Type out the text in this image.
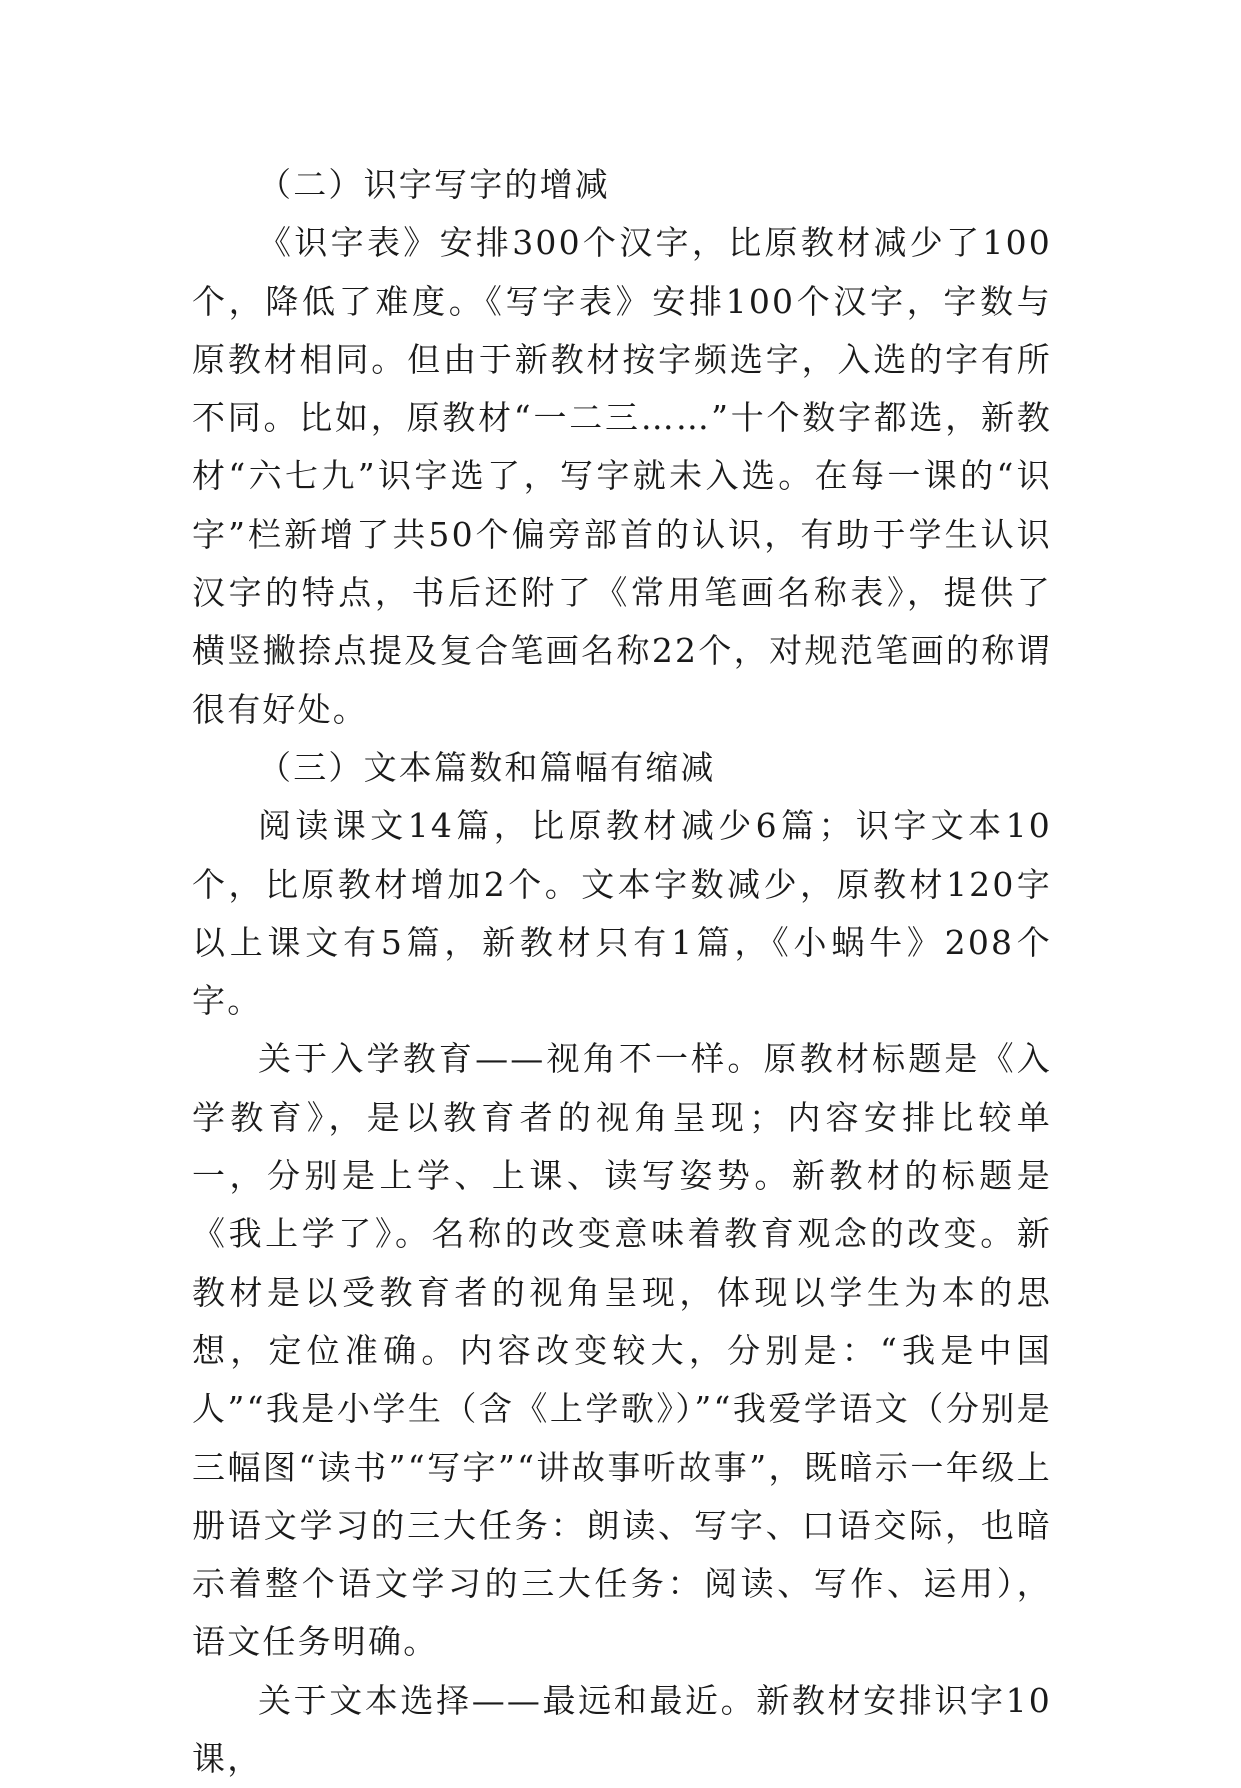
（二）识字写字的增减

《识字表》安排300个汉字，比原教材减少了100个，降低了难度。《写字表》安排100个汉字，字数与原教材相同。但由于新教材按字频选字，入选的字有所不同。比如，原教材“一二三……”十个数字都选，新教材“六七九”识字选了，写字就未入选。在每一课的“识字”栏新增了共50个偏旁部首的认识，有助于学生认识汉字的特点，书后还附了《常用笔画名称表》，提供了横竖撇捺点提及复合笔画名称22个，对规范笔画的称谓很有好处。

（三）文本篇数和篇幅有缩减

阅读课文14篇，比原教材减少6篇；识字文本10个，比原教材增加2个。文本字数减少，原教材120字以上课文有5篇，新教材只有1篇，《小蜗牛》208个字。

关于入学教育——视角不一样。原教材标题是《入学教育》，是以教育者的视角呈现；内容安排比较单一，分别是上学、上课、读写姿势。新教材的标题是《我上学了》。名称的改变意味着教育观念的改变。新教材是以受教育者的视角呈现，体现以学生为本的思想，定位准确。内容改变较大，分别是：“我是中国人”“我是小学生（含《上学歌》）”“我爱学语文（分别是三幅图“读书”“写字”“讲故事听故事”，既暗示一年级上册语文学习的三大任务：朗读、写字、口语交际，也暗示着整个语文学习的三大任务：阅读、写作、运用），语文任务明确。

关于文本选择——最远和最近。新教材安排识字10课，
